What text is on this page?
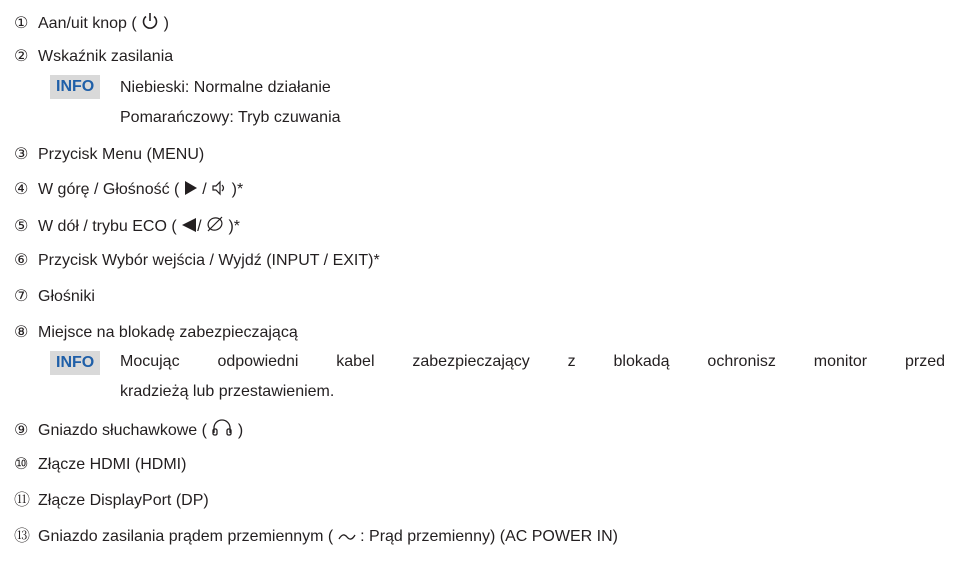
① Aan/uit knop (  )
② Wskaźnik zasilania
INFO	Niebieski: Normalne działanie
Pomarańczowy: Tryb czuwania
③ Przycisk Menu (MENU)
④ W górę / Głośność (  /  )*
⑤ W dół / trybu ECO ( /  )*
⑥ Przycisk Wybór wejścia / Wyjdź (INPUT / EXIT)*
⑦ Głośniki
⑧ Miejsce na blokadę zabezpieczającą
INFO	Mocując odpowiedni kabel zabezpieczający z blokadą ochronisz monitor przed
kradzieżą lub przestawieniem.
⑨ Gniazdo słuchawkowe (  )
⑩ Złącze HDMI (HDMI)
⑪ Złącze DisplayPort (DP)
⑬ Gniazdo zasilania prądem przemiennym (  : Prąd przemienny) (AC POWER IN)
